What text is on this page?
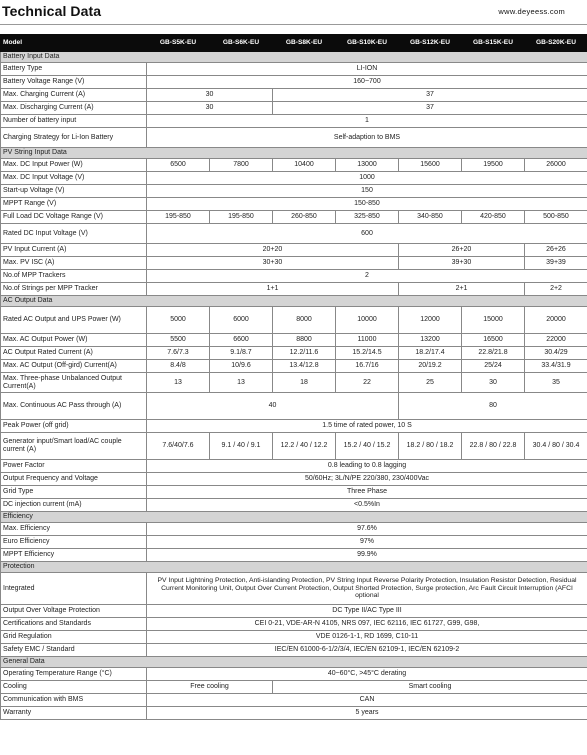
Technical Data	www.deyeess.com
Model	GB-S5K-EU	GB-S6K-EU	GB-S8K-EU	GB-S10K-EU	GB-S12K-EU	GB-S15K-EU	GB-S20K-EU
Battery Input Data							
Battery Type	LI-ION						
Battery Voltage Range (V)	160~700						
Max. Charging Current (A)	30		37				
Max. Discharging Current (A)	30		37				
Number of battery input	1						
Charging Strategy for Li-Ion Battery	Self-adaption to BMS						
PV String Input Data							
Max. DC Input Power (W)	6500	7800	10400	13000	15600	19500	26000
Max. DC Input Voltage (V)	1000						
Start-up Voltage (V)	150						
MPPT Range (V)	150-850						
Full Load DC Voltage Range (V)	195-850	195-850	260-850	325-850	340-850	420-850	500-850
Rated DC Input Voltage (V)	600						
PV Input Current (A)	20+20				26+20		26+26
Max. PV ISC (A)	30+30				39+30		39+39
No.of MPP Trackers	2						
No.of Strings per MPP Tracker	1+1				2+1		2+2
AC Output Data							
Rated AC Output and UPS Power (W)	5000	6000	8000	10000	12000	15000	20000
Max. AC Output Power (W)	5500	6600	8800	11000	13200	16500	22000
AC Output Rated Current (A)	7.6/7.3	9.1/8.7	12.2/11.6	15.2/14.5	18.2/17.4	22.8/21.8	30.4/29
Max. AC Output (Off-gird) Current(A)	8.4/8	10/9.6	13.4/12.8	16.7/16	20/19.2	25/24	33.4/31.9
Max. Three-phase Unbalanced Output Current(A)	13	13	18	22	25	30	35
Max. Continuous AC Pass through (A)	40				80		
Peak Power (off grid)	1.5 time of rated power, 10 S						
Generator input/Smart load/AC couple current (A)	7.6/40/7.6	9.1 / 40 / 9.1	12.2 / 40 / 12.2	15.2 / 40 / 15.2	18.2 / 80 / 18.2	22.8 / 80 / 22.8	30.4 / 80 / 30.4
Power Factor	0.8 leading to 0.8 lagging						
Output Frequency and Voltage	50/60Hz; 3L/N/PE 220/380, 230/400Vac						
Grid Type	Three Phase						
DC injection current (mA)	<0.5%In						
Efficiency							
Max. Efficiency	97.6%						
Euro Efficiency	97%						
MPPT Efficiency	99.9%						
Protection							
Integrated	PV Input Lightning Protection, Anti-islanding Protection, PV String Input Reverse Polarity Protection, Insulation Resistor Detection, Residual Current Monitoring Unit, Output Over Current Protection, Output Shorted Protection, Surge protection, Arc Fault Circuit Interruption (AFCI optional						
Output Over Voltage Protection	DC Type II/AC Type III						
Certifications and Standards	CEI 0-21, VDE-AR-N 4105, NRS 097, IEC 62116, IEC 61727, G99, G98,						
Grid Regulation	VDE 0126-1-1, RD 1699, C10-11						
Safety EMC / Standard	IEC/EN 61000-6-1/2/3/4, IEC/EN 62109-1, IEC/EN 62109-2						
General Data							
Operating Temperature Range (°C)	40~60°C, >45°C derating						
Cooling	Free cooling		Smart cooling				
Communication with BMS	CAN						
Warranty	5 years						
